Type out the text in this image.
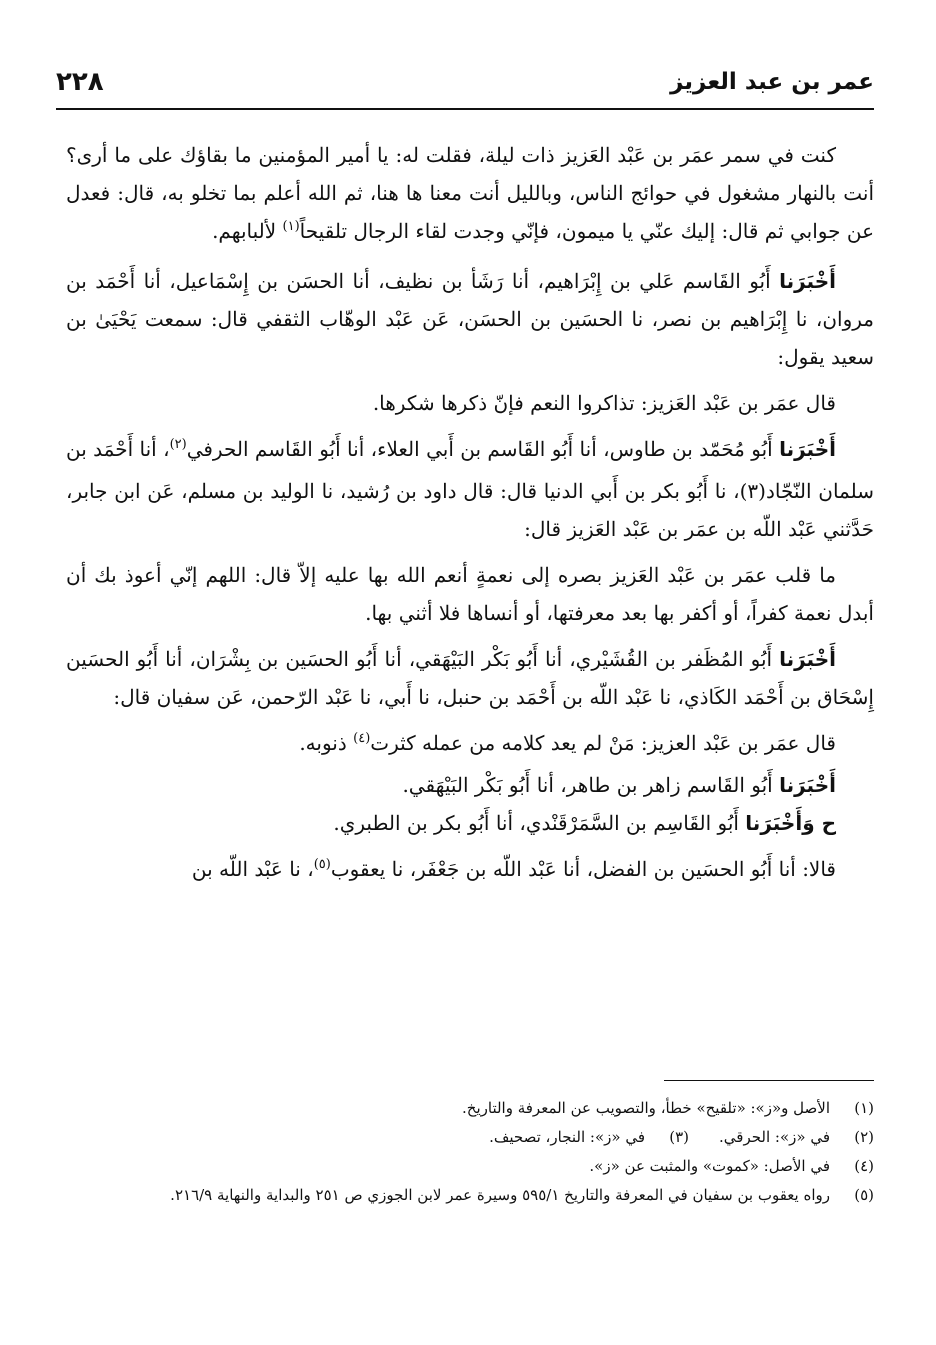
عمر بن عبد العزيز
٢٢٨

كنت في سمر عمَر بن عَبْد العَزيز ذات ليلة، فقلت له: يا أمير المؤمنين ما بقاؤك على ما أرى؟ أنت بالنهار مشغول في حوائج الناس، وبالليل أنت معنا ها هنا، ثم الله أعلم بما تخلو به، قال: فعدل عن جوابي ثم قال: إليك عنّي يا ميمون، فإنّي وجدت لقاء الرجال تلقيحاً$^{(١)}$ لألبابهم.

أَخْبَرَنا أَبُو القَاسم عَلي بن إِبْرَاهيم، أنا رَشَأ بن نظيف، أنا الحسَن بن إِسْمَاعيل، أنا أَحْمَد بن مروان، نا إِبْرَاهيم بن نصر، نا الحسَين بن الحسَن، عَن عَبْد الوهّاب الثقفي قال: سمعت يَحْيَىٰ بن سعيد يقول:

قال عمَر بن عَبْد العَزيز: تذاكروا النعم فإنّ ذكرها شكرها.

أَخْبَرَنا أَبُو مُحَمّد بن طاوس، أنا أَبُو القَاسم بن أَبي العلاء، أنا أَبُو القَاسم الحرفي$^{(٢)}$، أنا أَحْمَد بن سلمان النّجّاد(٣)، نا أَبُو بكر بن أَبي الدنيا قال: قال داود بن رُشيد، نا الوليد بن مسلم، عَن ابن جابر، حَدَّثني عَبْد اللّه بن عمَر بن عَبْد العَزيز قال:

ما قلب عمَر بن عَبْد العَزيز بصره إلى نعمةٍ أنعم الله بها عليه إلاّ قال: اللهم إنّي أعوذ بك أن أبدل نعمة كفراً، أو أكفر بها بعد معرفتها، أو أنساها فلا أثني بها.

أَخْبَرَنا أَبُو المُظَفر بن القُشَيْري، أنا أَبُو بَكْر البَيْهَقي، أنا أَبُو الحسَين بن بِشْرَان، أنا أَبُو الحسَين إِسْحَاق بن أَحْمَد الكَاذي، نا عَبْد اللّه بن أَحْمَد بن حنبل، نا أَبي، نا عَبْد الرّحمن، عَن سفيان قال:

قال عمَر بن عَبْد العزيز: مَنْ لم يعد كلامه من عمله كثرت$^{(٤)}$ ذنوبه.

أَخْبَرَنا أَبُو القَاسم زاهر بن طاهر، أنا أَبُو بَكْر البَيْهَقي.

ح وَأَخْبَرَنا أَبُو القَاسِم بن السَّمَرْقَنْدي، أنا أَبُو بكر بن الطبري.

قالا: أنا أَبُو الحسَين بن الفضل، أنا عَبْد اللّه بن جَعْفَر، نا يعقوب$^{(٥)}$، نا عَبْد اللّه بن

(١)
الأصل و«ز»: «تلقيح» خطأ، والتصويب عن المعرفة والتاريخ.
(٢)
في «ز»: الحرقي.
(٣)
في «ز»: النجار، تصحيف.
(٤)
في الأصل: «كموت» والمثبت عن «ز».
(٥)
رواه يعقوب بن سفيان في المعرفة والتاريخ ٥٩٥/١ وسيرة عمر لابن الجوزي ص ٢٥١ والبداية والنهاية ٢١٦/٩.
